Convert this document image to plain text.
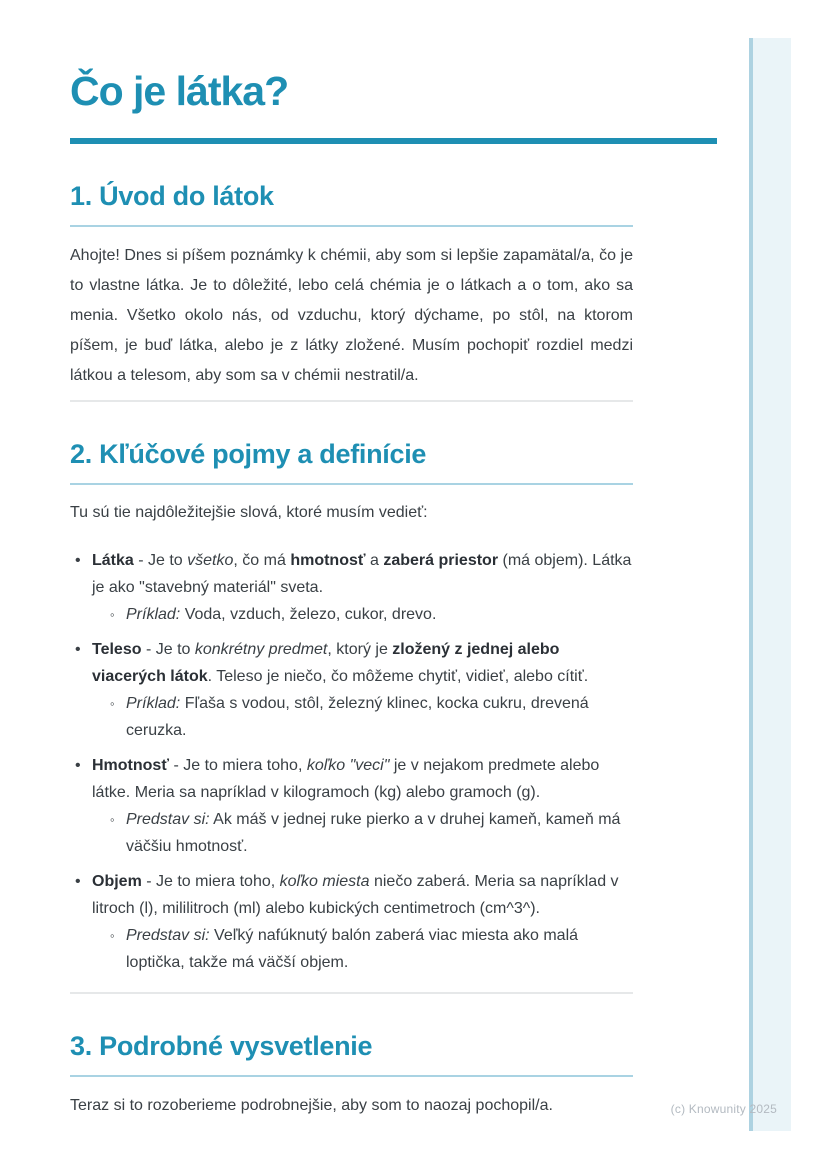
Čo je látka?
1. Úvod do látok

Ahojte! Dnes si píšem poznámky k chémii, aby som si lepšie zapamätal/a, čo je to vlastne látka. Je to dôležité, lebo celá chémia je o látkach a o tom, ako sa menia. Všetko okolo nás, od vzduchu, ktorý dýchame, po stôl, na ktorom píšem, je buď látka, alebo je z látky zložené. Musím pochopiť rozdiel medzi látkou a telesom, aby som sa v chémii nestratil/a.

2. Kľúčové pojmy a definície

Tu sú tie najdôležitejšie slová, ktoré musím vedieť:

• Látka - Je to všetko, čo má hmotnosť a zaberá priestor (má objem). Látka je ako "stavebný materiál" sveta.
◦ Príklad: Voda, vzduch, železo, cukor, drevo.
• Teleso - Je to konkrétny predmet, ktorý je zložený z jednej alebo viacerých látok. Teleso je niečo, čo môžeme chytiť, vidieť, alebo cítiť.
◦ Príklad: Fľaša s vodou, stôl, železný klinec, kocka cukru, drevená ceruzka.
• Hmotnosť - Je to miera toho, koľko "veci" je v nejakom predmete alebo látke. Meria sa napríklad v kilogramoch (kg) alebo gramoch (g).
◦ Predstav si: Ak máš v jednej ruke pierko a v druhej kameň, kameň má väčšiu hmotnosť.
• Objem - Je to miera toho, koľko miesta niečo zaberá. Meria sa napríklad v litroch (l), mililitroch (ml) alebo kubických centimetroch (cm^3^).
◦ Predstav si: Veľký nafúknutý balón zaberá viac miesta ako malá loptička, takže má väčší objem.
3. Podrobné vysvetlenie

Teraz si to rozoberieme podrobnejšie, aby som to naozaj pochopil/a.	(c) Knowunity 2025
